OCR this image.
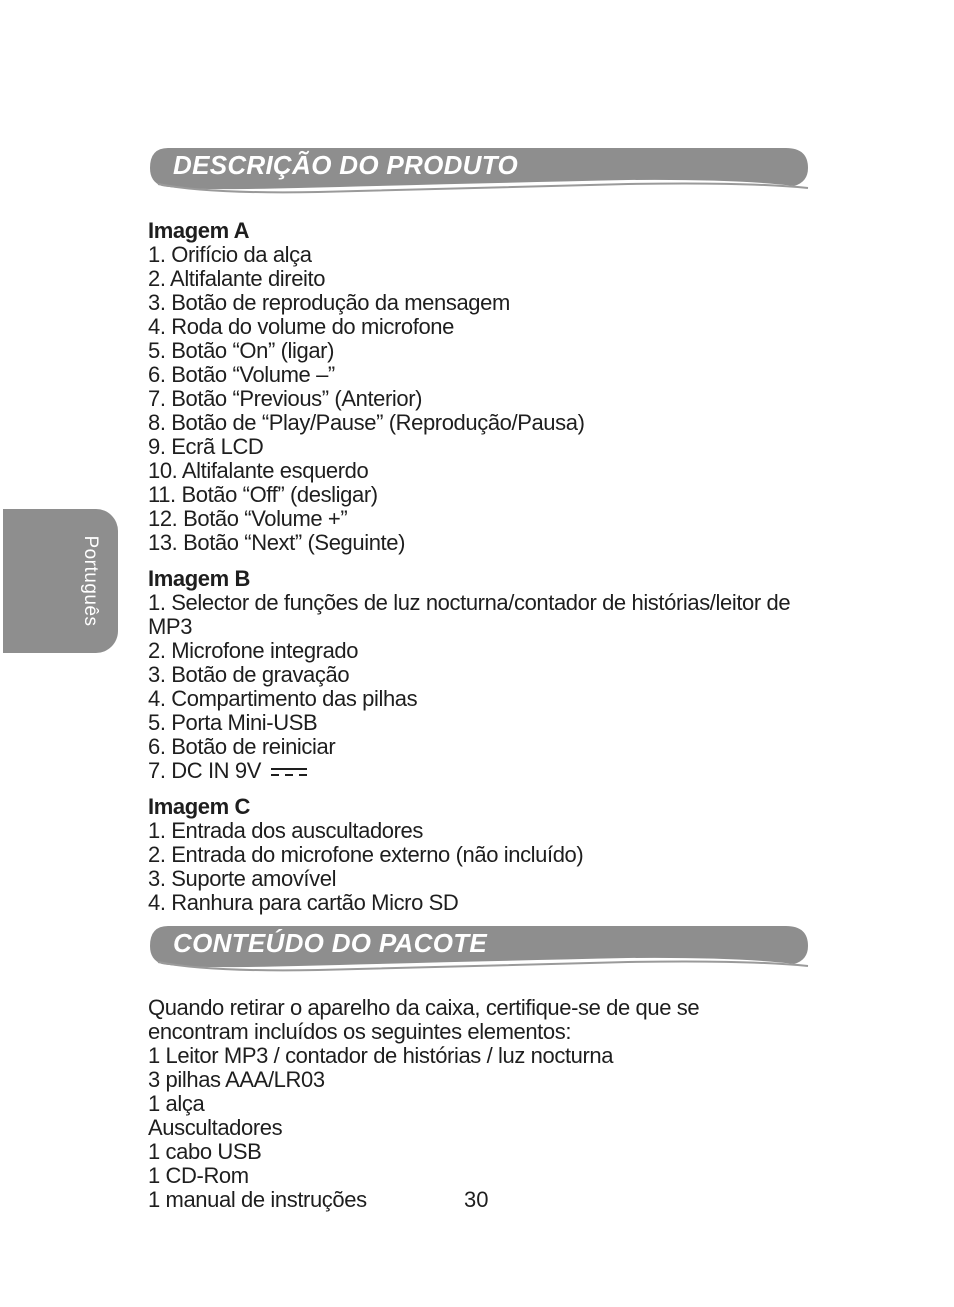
Português
DESCRIÇÃO DO PRODUTO
Imagem A
1. Orifício da alça
2. Altifalante direito
3. Botão de reprodução da mensagem
4. Roda do volume do microfone
5. Botão “On” (ligar)
6. Botão “Volume –”
7. Botão “Previous” (Anterior)
8. Botão de “Play/Pause” (Reprodução/Pausa)
9. Ecrã LCD
10. Altifalante esquerdo
11. Botão “Off” (desligar)
12. Botão “Volume +”
13. Botão “Next” (Seguinte)
Imagem B
1. Selector de funções de luz nocturna/contador de histórias/leitor de MP3
2. Microfone integrado
3. Botão de gravação
4. Compartimento das pilhas
5. Porta Mini-USB
6. Botão de reiniciar
7. DC IN 9V
Imagem C
1. Entrada dos auscultadores
2. Entrada do microfone externo (não incluído)
3. Suporte amovível
4. Ranhura para cartão Micro SD
CONTEÚDO DO PACOTE
Quando retirar o aparelho da caixa, certifique-se de que se encontram incluídos os seguintes elementos:
1 Leitor MP3 / contador de histórias / luz nocturna
3 pilhas AAA/LR03
1 alça
Auscultadores
1 cabo USB
1 CD-Rom
1 manual de instruções	30
